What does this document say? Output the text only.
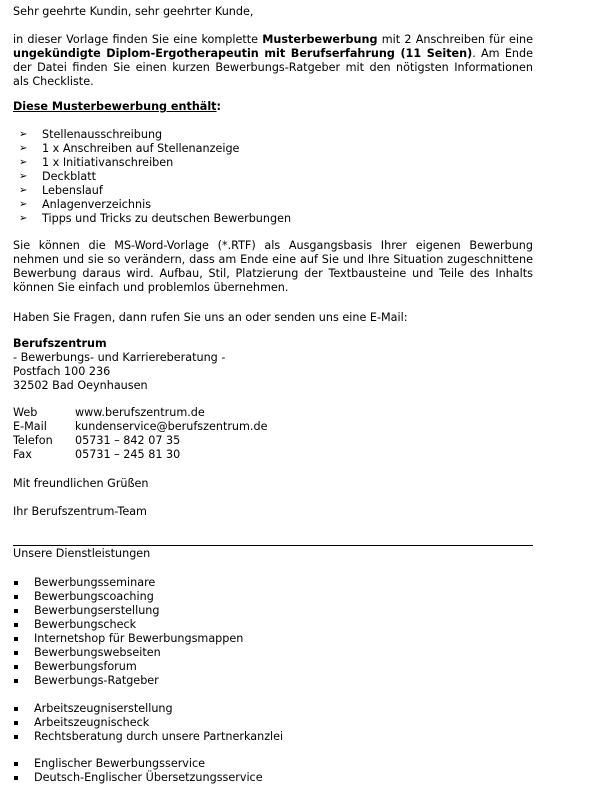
Sehr geehrte Kundin, sehr geehrter Kunde,
in dieser Vorlage finden Sie eine komplette Musterbewerbung mit 2 Anschreiben für eine ungekündigte Diplom-Ergotherapeutin mit Berufserfahrung (11 Seiten). Am Ende der Datei finden Sie einen kurzen Bewerbungs-Ratgeber mit den nötigsten Informationen als Checkliste.
Diese Musterbewerbung enthält:
➢ Stellenausschreibung
➢ 1 x Anschreiben auf Stellenanzeige
➢ 1 x Initiativanschreiben
➢ Deckblatt
➢ Lebenslauf
➢ Anlagenverzeichnis
➢ Tipps und Tricks zu deutschen Bewerbungen
Sie können die MS-Word-Vorlage (*.RTF) als Ausgangsbasis Ihrer eigenen Bewerbung nehmen und sie so verändern, dass am Ende eine auf Sie und Ihre Situation zugeschnittene Bewerbung daraus wird. Aufbau, Stil, Platzierung der Textbausteine und Teile des Inhalts können Sie einfach und problemlos übernehmen.
Haben Sie Fragen, dann rufen Sie uns an oder senden uns eine E-Mail:
Berufszentrum
- Bewerbungs- und Karriereberatung -
Postfach 100 236
32502 Bad Oeynhausen
Web	www.berufszentrum.de
E-Mail	kundenservice@berufszentrum.de
Telefon 05731 – 842 07 35
Fax	05731 – 245 81 30
Mit freundlichen Grüßen
Ihr Berufszentrum-Team
Unsere Dienstleistungen
Bewerbungsseminare
Bewerbungscoaching
Bewerbungserstellung
Bewerbungscheck
Internetshop für Bewerbungsmappen
Bewerbungswebseiten
Bewerbungsforum
Bewerbungs-Ratgeber
Arbeitszeugniserstellung
Arbeitszeugnischeck
Rechtsberatung durch unsere Partnerkanzlei
Englischer Bewerbungsservice
Deutsch-Englischer Übersetzungsservice
